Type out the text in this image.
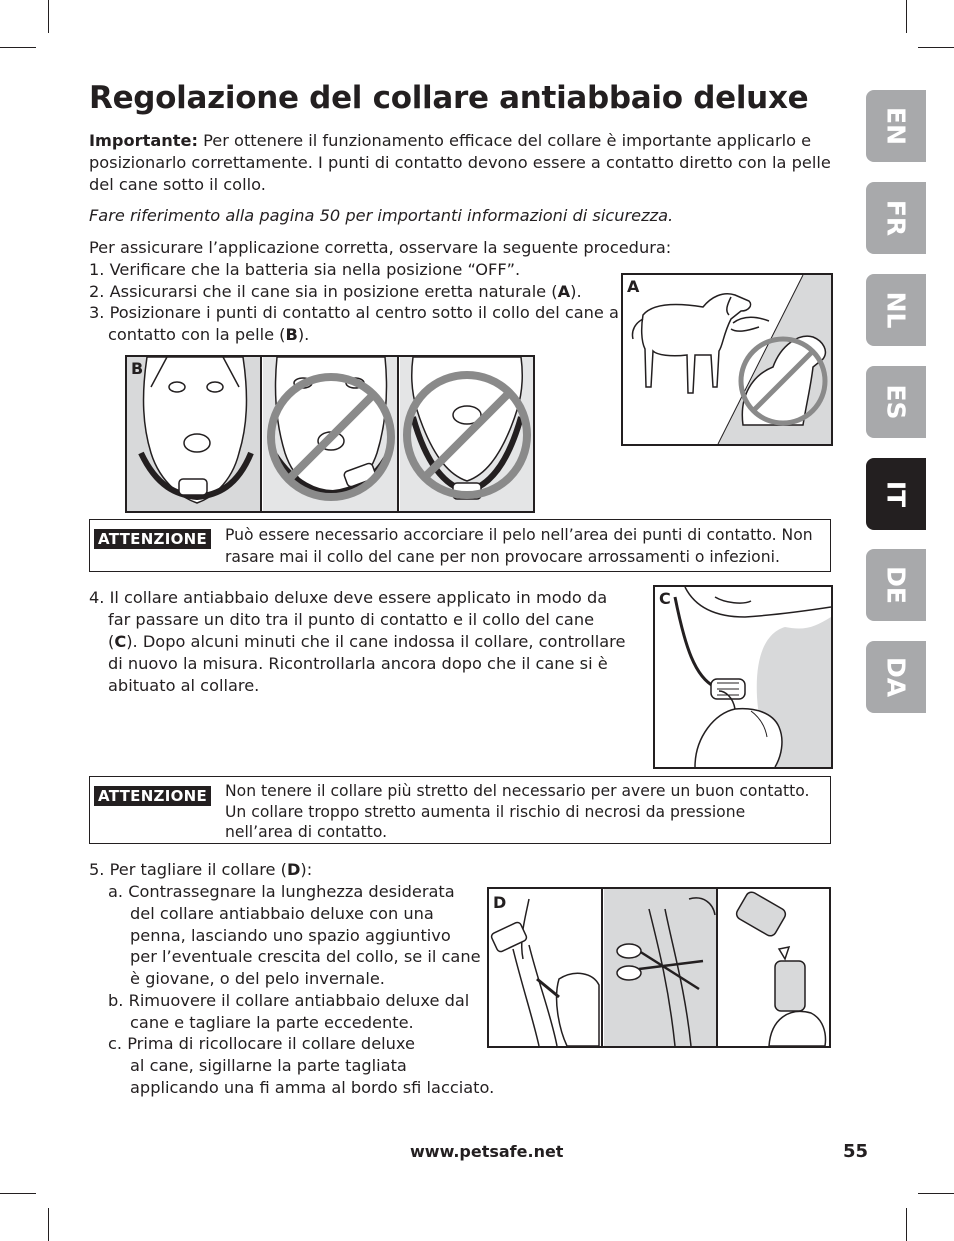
Regolazione del collare antiabbaio deluxe

Importante: Per ottenere il funzionamento efficace del collare è importante applicarlo e posizionarlo correttamente. I punti di contatto devono essere a contatto diretto con la pelle del cane sotto il collo.

Fare riferimento alla pagina 50 per importanti informazioni di sicurezza.

Per assicurare l’applicazione corretta, osservare la seguente procedura:

1. Verificare che la batteria sia nella posizione “OFF”.

2. Assicurarsi che il cane sia in posizione eretta naturale (A).

3. Posizionare i punti di contatto al centro sotto il collo del cane a

contatto con la pelle (B).

A
B
ATTENZIONE Può essere necessario accorciare il pelo nell’area dei punti di contatto. Non

rasare mai il collo del cane per non provocare arrossamenti o infezioni.

4. Il collare antiabbaio deluxe deve essere applicato in modo da

far passare un dito tra il punto di contatto e il collo del cane

(C). Dopo alcuni minuti che il cane indossa il collare, controllare

di nuovo la misura. Ricontrollarla ancora dopo che il cane si è

abituato al collare.

C
ATTENZIONE Non tenere il collare più stretto del necessario per avere un buon contatto.

Un collare troppo stretto aumenta il rischio di necrosi da pressione

nell’area di contatto.

5. Per tagliare il collare (D):

a. Contrassegnare la lunghezza desiderata

del collare antiabbaio deluxe con una

penna, lasciando uno spazio aggiuntivo

per l’eventuale crescita del collo, se il cane

è giovane, o del pelo invernale.

b. Rimuovere il collare antiabbaio deluxe dal

cane e tagliare la parte eccedente.

c. Prima di ricollocare il collare deluxe

al cane, sigillarne la parte tagliata

applicando una fi amma al bordo sfi lacciato.

D
EN
FR
NL
ES
IT
DE
DA
www.petsafe.net	55
